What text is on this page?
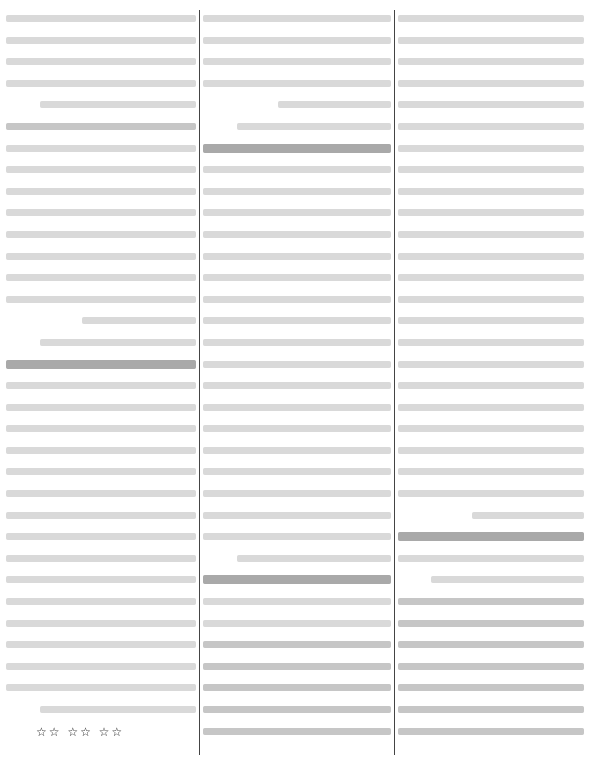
☆☆ ☆☆ ☆☆
